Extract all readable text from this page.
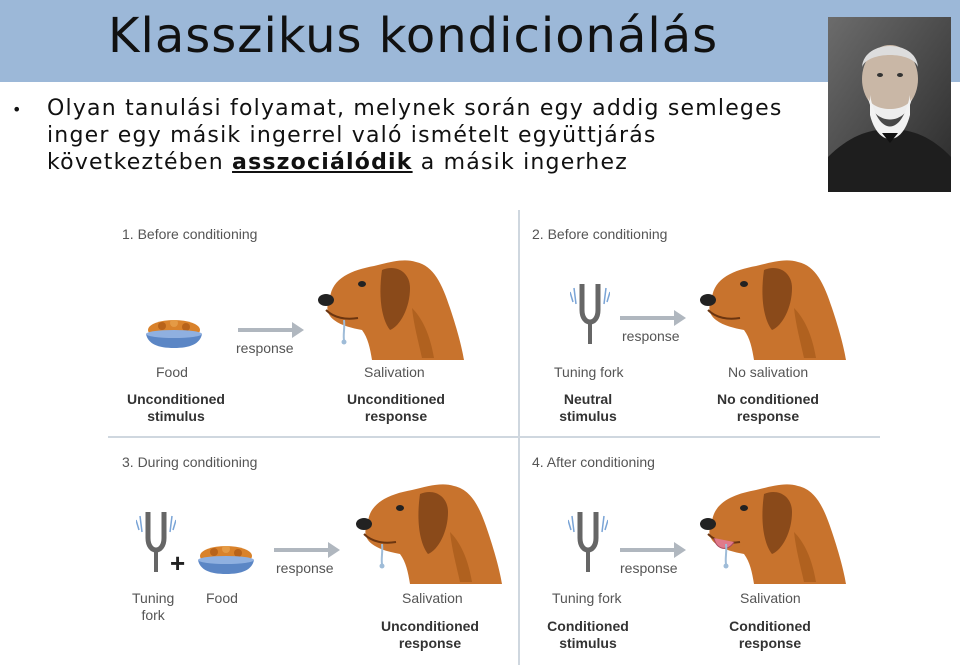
Klasszikus kondicionálás
• Olyan tanulási folyamat, melynek során egy addig semleges
inger egy másik ingerrel való ismételt együttjárás
következtében asszociálódik a másik ingerhez
1. Before conditioning
response
Food	Salivation
Unconditioned
stimulus
Unconditioned
response
2. Before conditioning
response
Tuning fork	No salivation
Neutral
stimulus
No conditioned
response
3. During conditioning
+	response
Tuning
fork
Food	Salivation
Unconditioned
response
4. After conditioning
response
Tuning fork	Salivation
Conditioned
stimulus
Conditioned
response
